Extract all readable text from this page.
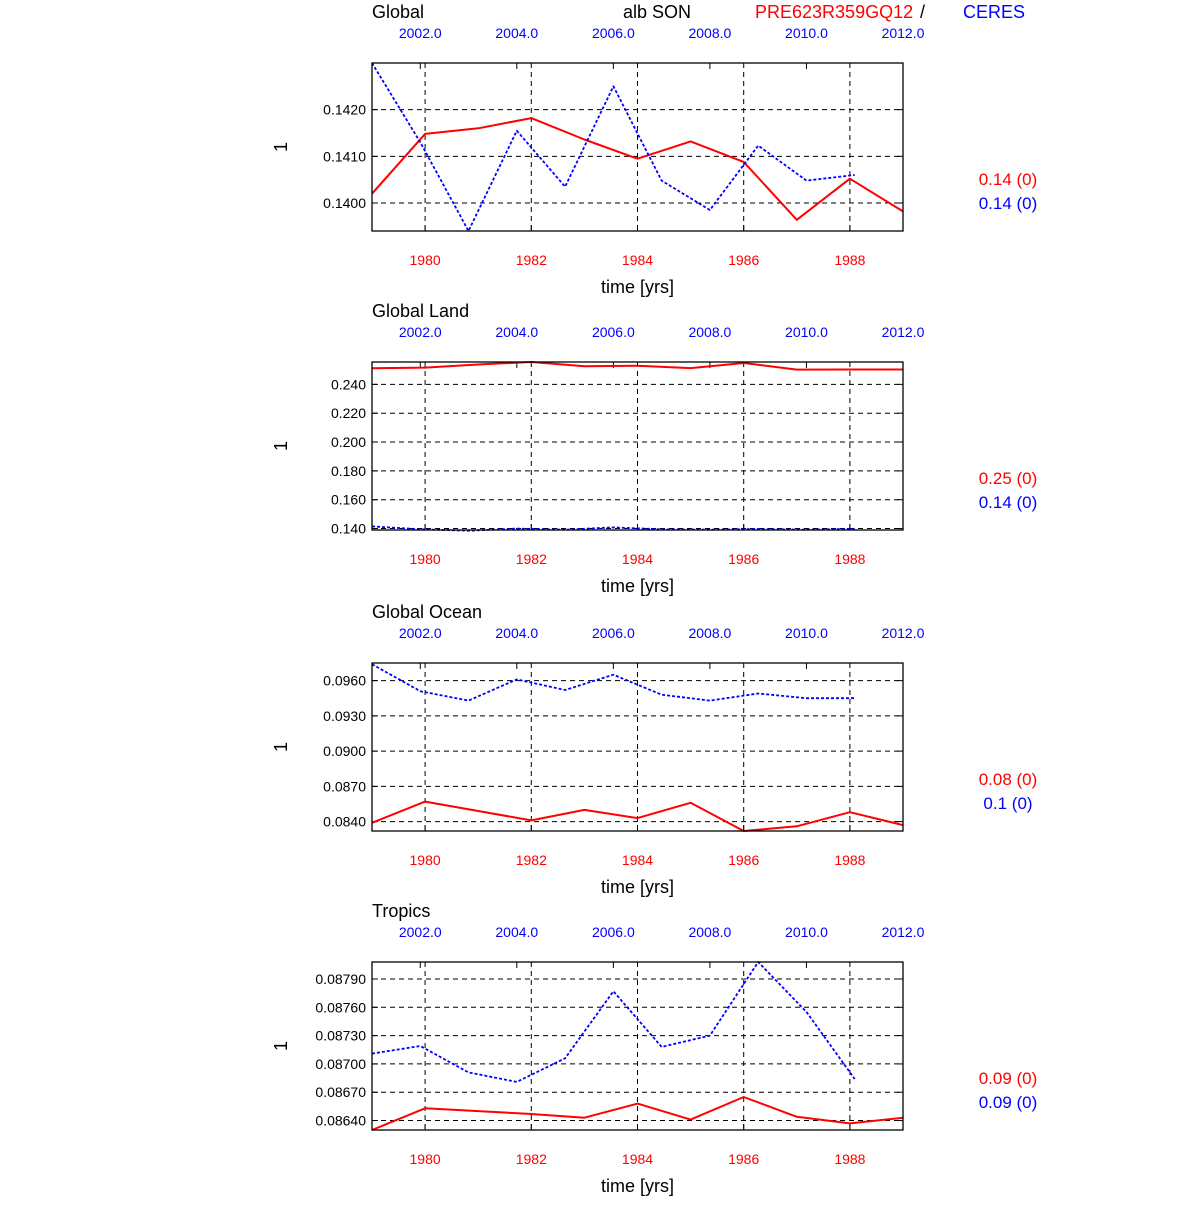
0.1400
0.1410
0.1420
1980	1982	1984	1986	1988
2002.0	2004.0	2006.0	2008.0	2010.0	2012.0
Global
time [yrs]
1
0.14 (0)
0.14 (0)
0.140
0.160
0.180
0.200
0.220
0.240
1980	1982	1984	1986	1988
2002.0	2004.0	2006.0	2008.0	2010.0	2012.0
Global Land
time [yrs]
1
0.25 (0)
0.14 (0)
0.0840
0.0870
0.0900
0.0930
0.0960
1980	1982	1984	1986	1988
2002.0	2004.0	2006.0	2008.0	2010.0	2012.0
Global Ocean
time [yrs]
1
0.08 (0)
0.1 (0)
0.08640
0.08670
0.08700
0.08730
0.08760
0.08790
1980	1982	1984	1986	1988
2002.0	2004.0	2006.0	2008.0	2010.0	2012.0
Tropics
time [yrs]
1
0.09 (0)
0.09 (0)
alb SON	PRE623R359GQ12 / CERES
